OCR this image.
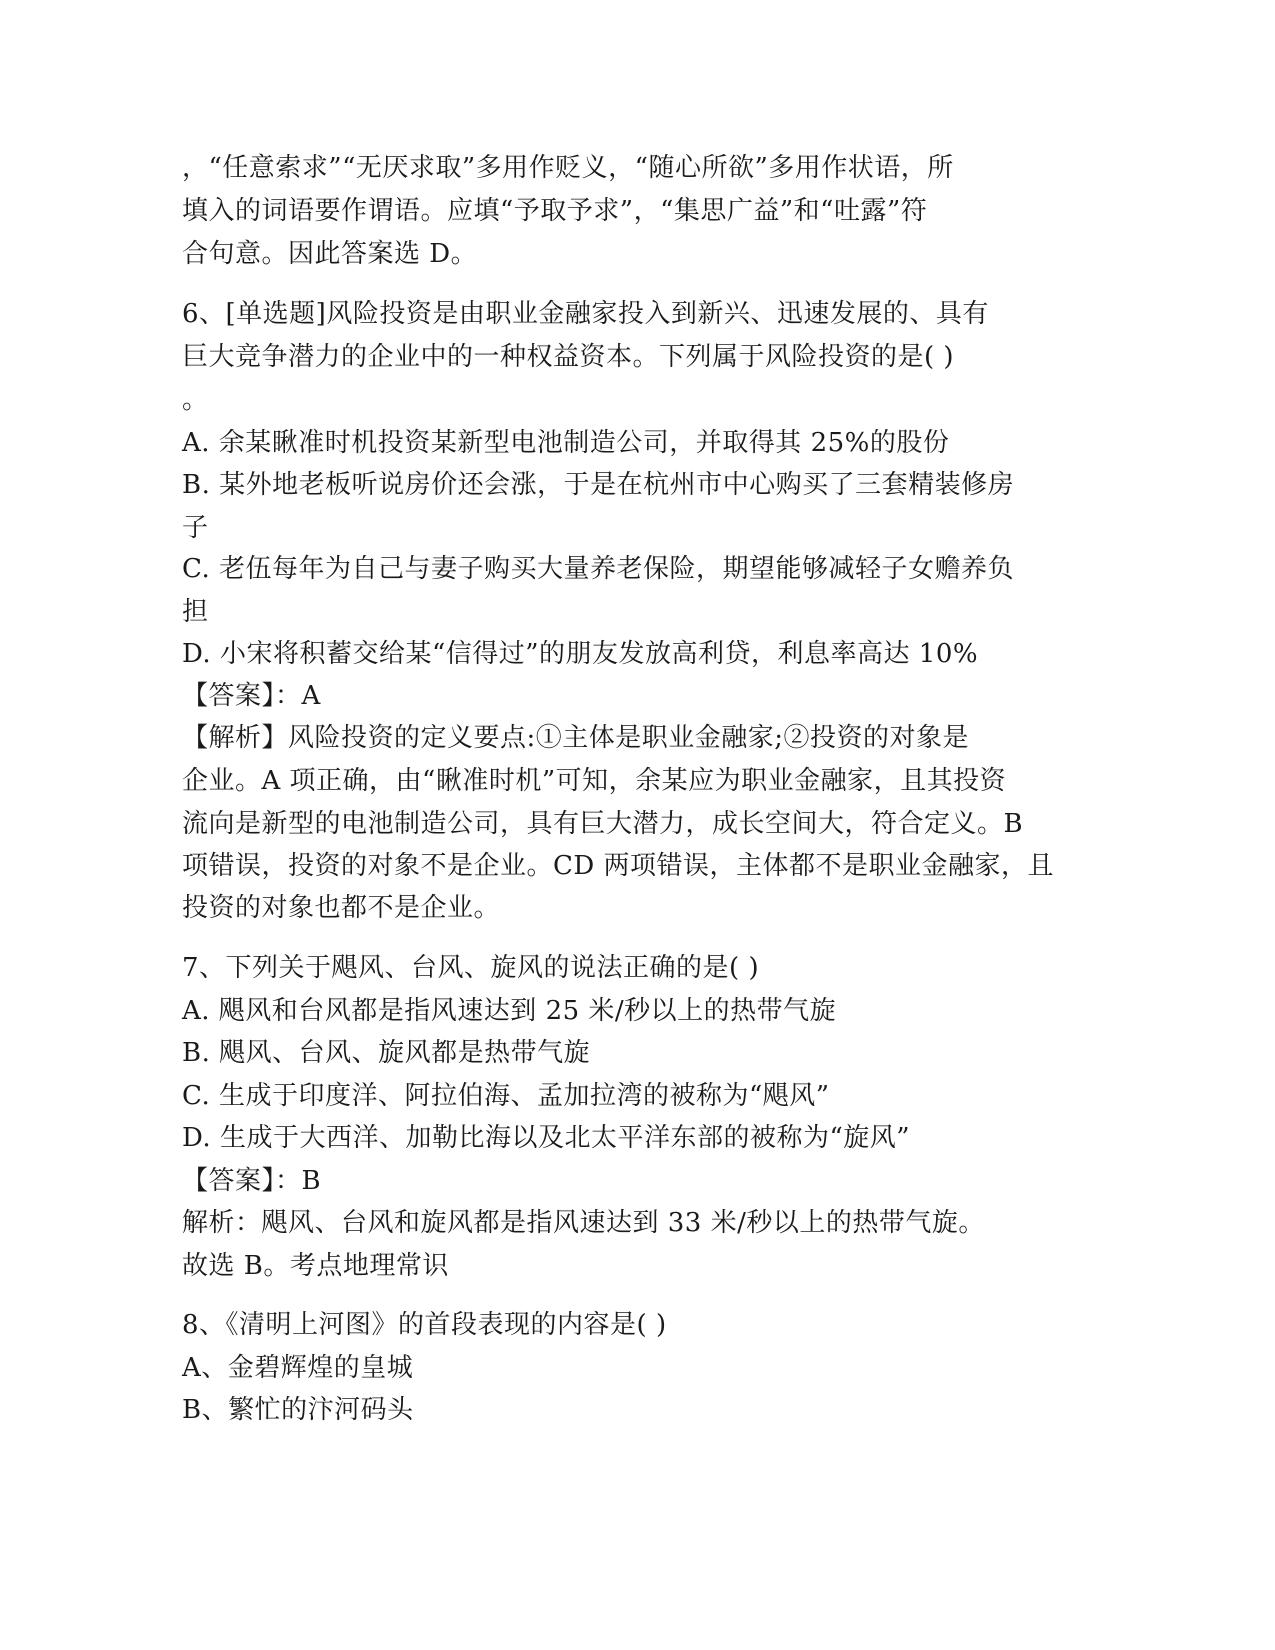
，“任意索求”“无厌求取”多用作贬义，“随心所欲”多用作状语，所
填入的词语要作谓语。应填“予取予求”，“集思广益”和“吐露”符
合句意。因此答案选 D。
6、[单选题]风险投资是由职业金融家投入到新兴、迅速发展的、具有
巨大竞争潜力的企业中的一种权益资本。下列属于风险投资的是( )
。
A. 余某瞅准时机投资某新型电池制造公司，并取得其 25%的股份
B. 某外地老板听说房价还会涨，于是在杭州市中心购买了三套精装修房
子
C. 老伍每年为自己与妻子购买大量养老保险，期望能够减轻子女赡养负
担
D. 小宋将积蓄交给某“信得过”的朋友发放高利贷，利息率高达 10%
【答案】：A
【解析】风险投资的定义要点:①主体是职业金融家;②投资的对象是
企业。A 项正确，由“瞅准时机”可知，余某应为职业金融家，且其投资
流向是新型的电池制造公司，具有巨大潜力，成长空间大，符合定义。B
项错误，投资的对象不是企业。CD 两项错误，主体都不是职业金融家，且
投资的对象也都不是企业。
7、下列关于飓风、台风、旋风的说法正确的是( )
A. 飓风和台风都是指风速达到 25 米/秒以上的热带气旋
B. 飓风、台风、旋风都是热带气旋
C. 生成于印度洋、阿拉伯海、孟加拉湾的被称为“飓风”
D. 生成于大西洋、加勒比海以及北太平洋东部的被称为“旋风”
【答案】：B
解析：飓风、台风和旋风都是指风速达到 33 米/秒以上的热带气旋。
故选 B。考点地理常识
8、《清明上河图》的首段表现的内容是( )
A、金碧辉煌的皇城
B、繁忙的汴河码头
